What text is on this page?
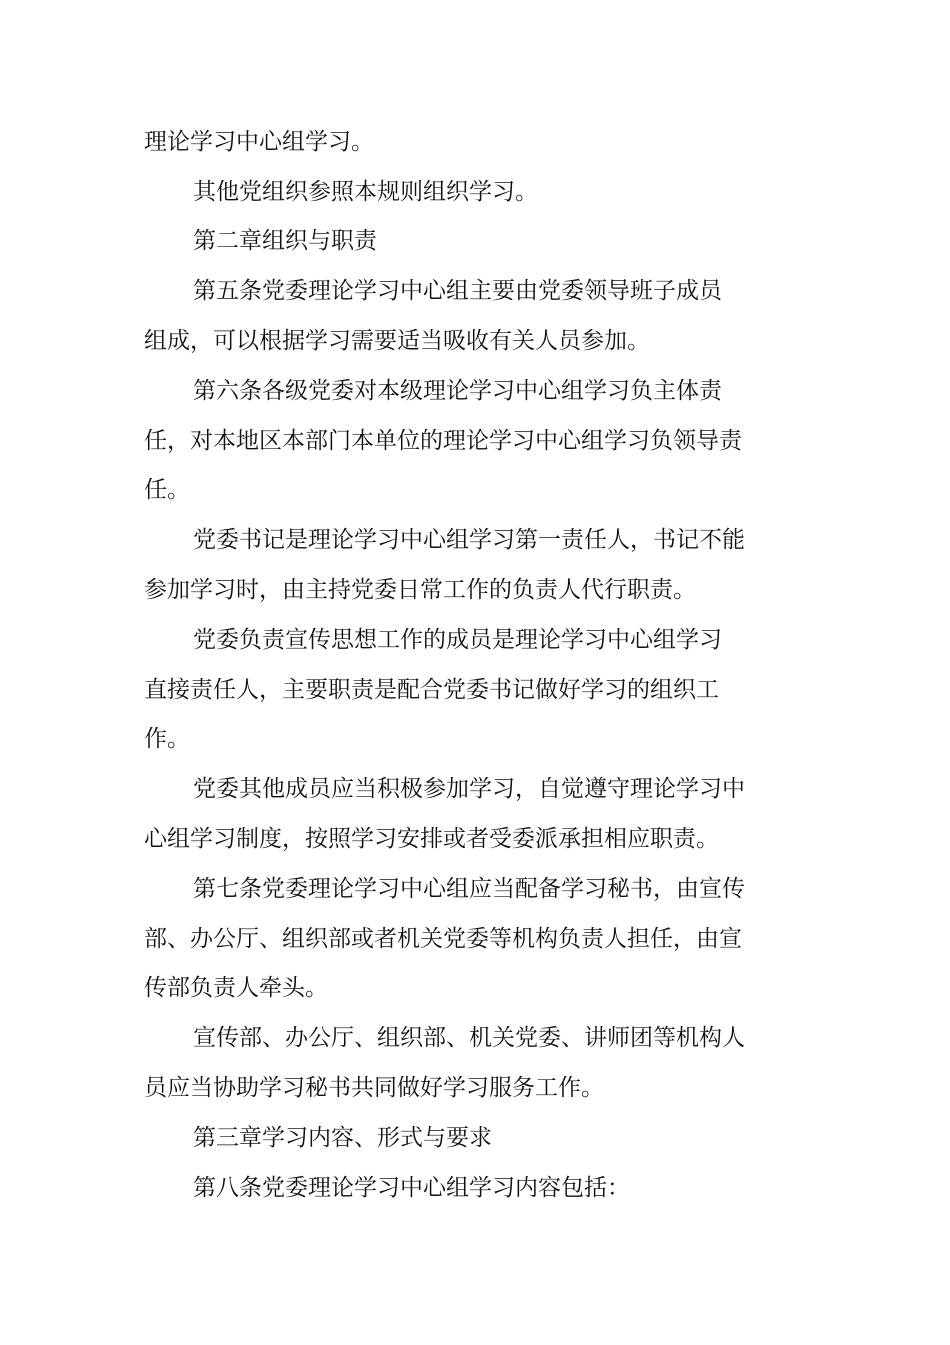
理论学习中心组学习。
其他党组织参照本规则组织学习。
第二章组织与职责
第五条党委理论学习中心组主要由党委领导班子成员
组成，可以根据学习需要适当吸收有关人员参加。
第六条各级党委对本级理论学习中心组学习负主体责
任，对本地区本部门本单位的理论学习中心组学习负领导责
任。
党委书记是理论学习中心组学习第一责任人，书记不能
参加学习时，由主持党委日常工作的负责人代行职责。
党委负责宣传思想工作的成员是理论学习中心组学习
直接责任人，主要职责是配合党委书记做好学习的组织工
作。
党委其他成员应当积极参加学习，自觉遵守理论学习中
心组学习制度，按照学习安排或者受委派承担相应职责。
第七条党委理论学习中心组应当配备学习秘书，由宣传
部、办公厅、组织部或者机关党委等机构负责人担任，由宣
传部负责人牵头。
宣传部、办公厅、组织部、机关党委、讲师团等机构人
员应当协助学习秘书共同做好学习服务工作。
第三章学习内容、形式与要求
第八条党委理论学习中心组学习内容包括：
